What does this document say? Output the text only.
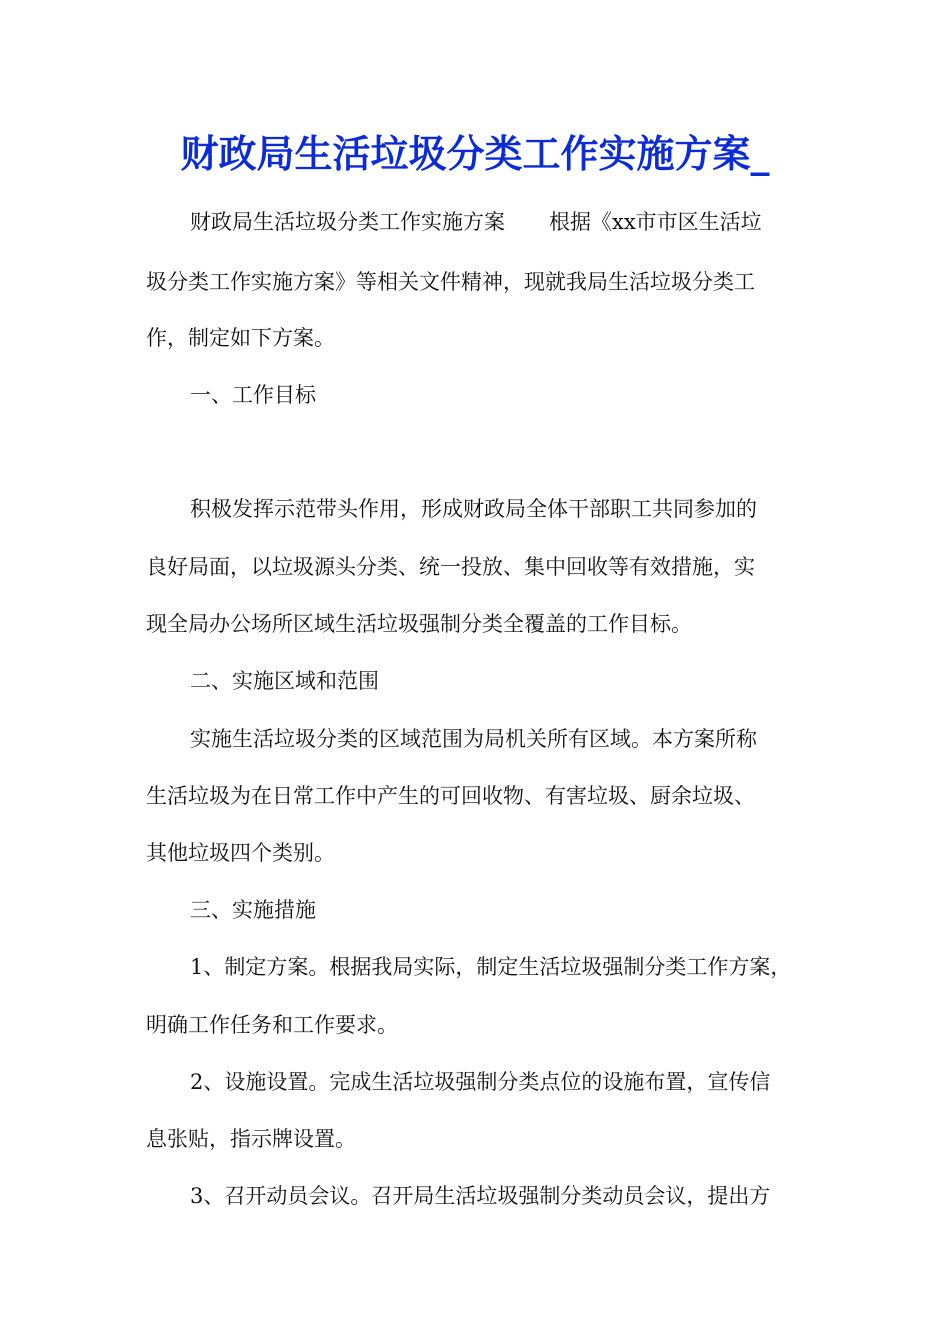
财政局生活垃圾分类工作实施方案_
财政局生活垃圾分类工作实施方案 根据《xx市市区生活垃
圾分类工作实施方案》等相关文件精神，现就我局生活垃圾分类工
作，制定如下方案。
一、工作目标
积极发挥示范带头作用，形成财政局全体干部职工共同参加的
良好局面，以垃圾源头分类、统一投放、集中回收等有效措施，实
现全局办公场所区域生活垃圾强制分类全覆盖的工作目标。
二、实施区域和范围
实施生活垃圾分类的区域范围为局机关所有区域。本方案所称
生活垃圾为在日常工作中产生的可回收物、有害垃圾、厨余垃圾、
其他垃圾四个类别。
三、实施措施
1、制定方案。根据我局实际，制定生活垃圾强制分类工作方案，
明确工作任务和工作要求。
2、设施设置。完成生活垃圾强制分类点位的设施布置，宣传信
息张贴，指示牌设置。
3、召开动员会议。召开局生活垃圾强制分类动员会议，提出方
